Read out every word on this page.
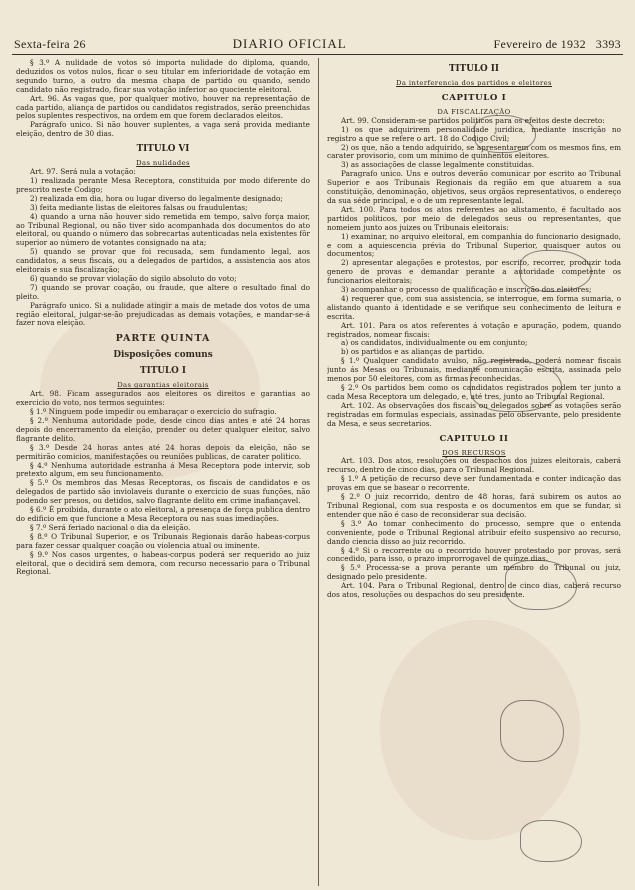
Sexta-feira 26	DIARIO OFICIAL	Fevereiro de 1932 3393

§ 3.º A nulidade de votos só importa nulidade do diploma, quando, deduzidos os votos nulos, ficar o seu titular em inferioridade de votação em segundo turno, a outro da mesma chapa de partido ou quando, sendo candidato não registrado, ficar sua votação inferior ao quociente eleitoral.

Art. 96. As vagas que, por qualquer motivo, houver na representação de cada partido, aliança de partidos ou candidatos registrados, serão preenchidas pelos suplentes respectivos, na ordem em que forem declarados eleitos.

Parágrafo unico. Si não houver suplentes, a vaga será provida mediante eleição, dentro de 30 dias.

TITULO VI
Das nulidades

Art. 97. Será nula a votação:

1) realizada perante Mesa Receptora, constituida por modo diferente do prescrito neste Codigo;

2) realizada em dia, hora ou lugar diverso do legalmente designado;

3) feita mediante listas de eleitores falsas ou fraudulentas;

4) quando a urna não houver sido remetida em tempo, salvo força maior, ao Tribunal Regional, ou não tiver sido acompanhada dos documentos do ato eleitoral, ou quando o número das sobrecartas autenticadas nela existentes fôr superior ao número de votantes consignado na ata;

5) quando se provar que foi recusada, sem fundamento legal, aos candidatos, a seus fiscais, ou a delegados de partidos, a assistencia aos atos eleitorais e sua fiscalização;

6) quando se provar violação do sigilo absoluto do voto;

7) quando se provar coação, ou fraude, que altere o resultado final do pleito.

Parágrafo unico. Si a nulidade atingir a mais de metade dos votos de uma região eleitoral, julgar-se-ão prejudicadas as demais votações, e mandar-se-á fazer nova eleição.

PARTE QUINTA
Disposições comuns
TITULO I
Das garantias eleitorais

Art. 98. Ficam assegurados aos eleitores os direitos e garantias ao exercicio do voto, nos termos seguintes:

§ 1.º Ninguem pode impedir ou embaraçar o exercicio do sufragio.

§ 2.º Nenhuma autoridade pode, desde cinco dias antes e até 24 horas depois do encerramento da eleição, prender ou deter qualquer eleitor, salvo flagrante delito.

§ 3.º Desde 24 horas antes até 24 horas depois da eleição, não se permitirão comicios, manifestações ou reuniões publicas, de carater politico.

§ 4.º Nenhuma autoridade estranha á Mesa Receptora pode intervir, sob pretexto algum, em seu funcionamento.

§ 5.º Os membros das Mesas Receptoras, os fiscais de candidatos e os delegados de partido são inviolaveis durante o exercicio de suas funções, não podendo ser presos, ou detidos, salvo flagrante delito em crime inafiançavel.

§ 6.º É proibida, durante o ato eleitoral, a presença de força publica dentro do edificio em que funcione a Mesa Receptora ou nas suas imediações.

§ 7.º Será feriado nacional o dia da eleição.

§ 8.º O Tribunal Superior, e os Tribunais Regionais darão habeas-corpus para fazer cessar qualquer coação ou violencia atual ou iminente.

§ 9.º Nos casos urgentes, o habeas-corpus poderá ser requerido ao juiz eleitoral, que o decidirá sem demora, com recurso necessario para o Tribunal Regional.

TITULO II
Da interferencia dos partidos e eleitores
CAPITULO I
DA FISCALIZAÇÃO

Art. 99. Consideram-se partidos politicos para os efeitos deste decreto:

1) os que adquirirem personalidade juridica, mediante inscrição no registro a que se refere o art. 18 do Codigo Civil;

2) os que, não a tendo adquirido, se apresentarem com os mesmos fins, em carater provisorio, com um minimo de quinhentos eleitores.

3) as associações de classe legalmente constituidas.

Paragrafo unico. Uns e outros deverão comunicar por escrito ao Tribunal Superior e aos Tribunais Regionais da região em que atuarem a sua constituição, denominação, objetivos, seus orgãos representativos, o endereço da sua séde principal, e o de um representante legal.

Art. 100. Para todos os atos referentes ao alistamento, é facultado aos partidos politicos, por meio de delegados seus ou representantes, que nomeiem junto aos juizes ou Tribunais eleitorais:

1) examinar, no arquivo eleitoral, em companhia do funcionario designado, e com a aquiescencia prévia do Tribunal Superior, quaisquer autos ou documentos;

2) apresentar alegações e protestos, por escrito, recorrer, produzir toda genero de provas e demandar perante a autoridade competente os funcionarios eleitorais;

3) acompanhar o processo de qualificação e inscrição dos eleitores;

4) requerer que, com sua assistencia, se interrogue, em forma sumaria, o alistando quanto á identidade e se verifique seu conhecimento de leitura e escrita.

Art. 101. Para os atos referentes á votação e apuração, podem, quando registrados, nomear fiscais:

a) os candidatos, individualmente ou em conjunto;

b) os partidos e as alianças de partido.

§ 1.º Qualquer candidato avulso, não registrado, poderá nomear fiscais junto ás Mesas ou Tribunais, mediante comunicação escrita, assinada pelo menos por 50 eleitores, com as firmas reconhecidas.

§ 2.º Os partidos bem como os candidatos registrados podem ter junto a cada Mesa Receptora um delegado, e, até tres, junto ao Tribunal Regional.

Art. 102. As observações dos fiscais ou delegados sobre as votações serão registradas em formulas especiais, assinadas pelo observante, pelo presidente da Mesa, e seus secretarios.

CAPITULO II
DOS RECURSOS

Art. 103. Dos atos, resoluções ou despachos dos juizes eleitorais, caberá recurso, dentro de cinco dias, para o Tribunal Regional.

§ 1.º A petição de recurso deve ser fundamentada e conter indicação das provas em que se basear o recorrente.

§ 2.º O juiz recorrido, dentro de 48 horas, fará subirem os autos ao Tribunal Regional, com sua resposta e os documentos em que se fundar, si entender que não é caso de reconsiderar sua decisão.

§ 3.º Ao tomar conhecimento do processo, sempre que o entenda conveniente, pode o Tribunal Regional atribuir efeito suspensivo ao recurso, dando ciencia disso ao juiz recorrido.

§ 4.º Si o recorrente ou o recorrido houver protestado por provas, será concedido, para isso, o prazo improrrogavel de quinze dias.

§ 5.º Processa-se a prova perante um membro do Tribunal ou juiz, designado pelo presidente.

Art. 104. Para o Tribunal Regional, dentro de cinco dias, caberá recurso dos atos, resoluções ou despachos do seu presidente.
